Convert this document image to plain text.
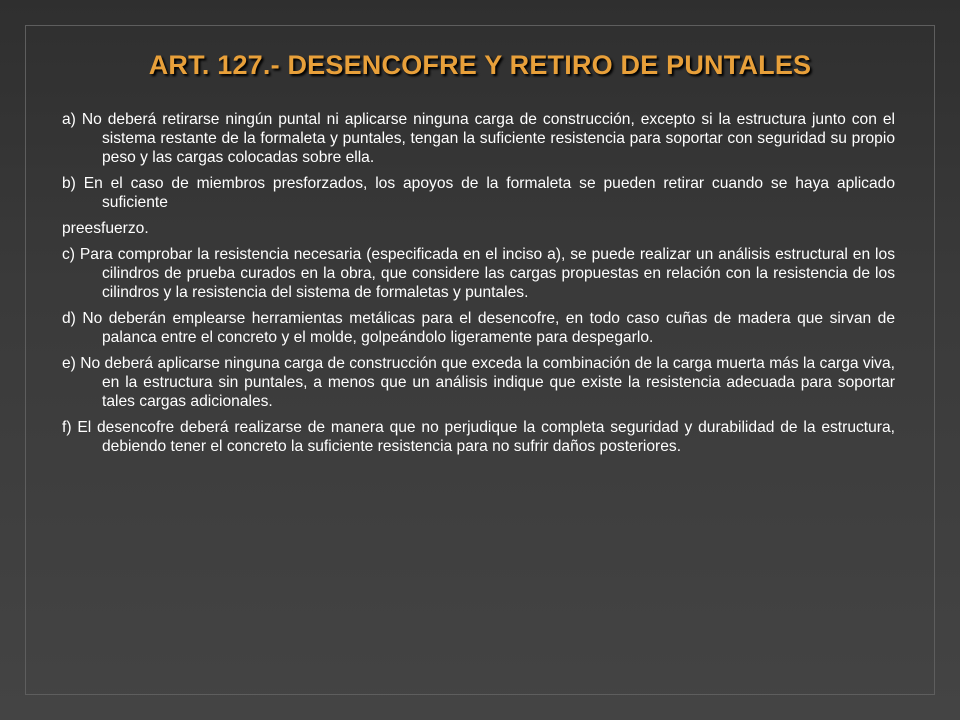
ART. 127.- DESENCOFRE Y RETIRO DE PUNTALES

a) No deberá retirarse ningún puntal ni aplicarse ninguna carga de construcción, excepto si la estructura junto con el sistema restante de la formaleta y puntales, tengan la suficiente resistencia para soportar con seguridad su propio peso y las cargas colocadas sobre ella.

b) En el caso de miembros presforzados, los apoyos de la formaleta se pueden retirar cuando se haya aplicado suficiente

preesfuerzo.

c) Para comprobar la resistencia necesaria (especificada en el inciso a), se puede realizar un análisis estructural en los cilindros de prueba curados en la obra, que considere las cargas propuestas en relación con la resistencia de los cilindros y la resistencia del sistema de formaletas y puntales.

d) No deberán emplearse herramientas metálicas para el desencofre, en todo caso cuñas de madera que sirvan de palanca entre el concreto y el molde, golpeándolo ligeramente para despegarlo.

e) No deberá aplicarse ninguna carga de construcción que exceda la combinación de la carga muerta más la carga viva, en la estructura sin puntales, a menos que un análisis indique que existe la resistencia adecuada para soportar tales cargas adicionales.

f) El desencofre deberá realizarse de manera que no perjudique la completa seguridad y durabilidad de la estructura, debiendo tener el concreto la suficiente resistencia para no sufrir daños posteriores.
